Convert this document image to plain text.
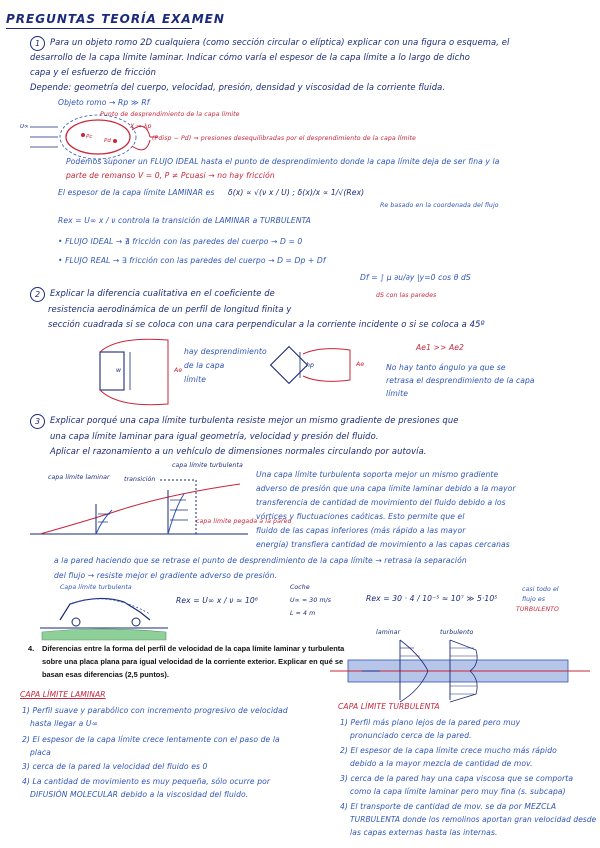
PREGUNTAS TEORÍA EXAMEN
1	Para un objeto romo 2D cualquiera (como sección circular o elíptica) explicar con una figura o esquema, el
desarrollo de la capa límite laminar. Indicar cómo varía el espesor de la capa límite a lo largo de dicho
capa y el esfuerzo de fricción
Depende: geometría del cuerpo, velocidad, presión, densidad y viscosidad de la corriente fluida.
Objeto romo → Rp ≫ Rf
Punto de desprendimiento de la capa límite
X ⇒ λp
(Pdisp − Pd) ⇒ presiones desequilibradas por el desprendimiento de la capa límite
U∞
Pc
Pd
Podemos suponer un FLUJO IDEAL hasta el punto de desprendimiento donde la capa límite deja de ser fina y la
parte de remanso V = 0, P ≠ Pcuasi → no hay fricción
El espesor de la capa límite LAMINAR es δ(x) ∝ √(ν x / U) ; δ(x)/x ∝ 1/√(Rex)
Re basado en la coordenada del flujo
Rex = U∞ x / ν controla la transición de LAMINAR a TURBULENTA
• FLUJO IDEAL → ∄ fricción con las paredes del cuerpo → D = 0
• FLUJO REAL → ∃ fricción con las paredes del cuerpo → D = Dp + Df
Df = ∫ μ ∂u/∂y |y=0 cos θ dS
dS con las paredes
2	Explicar la diferencia cualitativa en el coeficiente de
resistencia aerodinámica de un perfil de longitud finita y
sección cuadrada si se coloca con una cara perpendicular a la corriente incidente o si se coloca a 45º
w
hp
Ae
Ae
hay desprendimiento
de la capa
límite
Ae1 >> Ae2
No hay tanto ángulo ya que se
retrasa el desprendimiento de la capa
límite
3	Explicar porqué una capa límite turbulenta resiste mejor un mismo gradiente de presiones que
una capa límite laminar para igual geometría, velocidad y presión del fluido.
Aplicar el razonamiento a un vehículo de dimensiones normales circulando por autovía.
capa límite laminar transición
capa límite turbulenta
capa límite pegada a la pared
Una capa límite turbulenta soporta mejor un mismo gradiente
adverso de presión que una capa límite laminar debido a la mayor
transferencia de cantidad de movimiento del fluido debido a los
vórtices y fluctuaciones caóticas. Esto permite que el
fluido de las capas inferiores (más rápido a las mayor
energía) transfiera cantidad de movimiento a las capas cercanas
a la pared haciendo que se retrase el punto de desprendimiento de la capa límite → retrasa la separación
del flujo → resiste mejor el gradiente adverso de presión.
Capa límite turbulenta
Rex = U∞ x / ν ≈ 10⁶
Coche
U∞ ≈ 30 m/s
L ≈ 4 m
Rex = 30 · 4 / 10⁻⁵ ≈ 10⁷ ≫ 5·10⁵
casi todo el
flujo es
TURBULENTO
4. Diferencias entre la forma del perfil de velocidad de la capa límite laminar y turbulenta
sobre una placa plana para igual velocidad de la corriente exterior. Explicar en qué se
basan esas diferencias (2,5 puntos).
laminar	turbulento
CAPA LÍMITE LAMINAR
1) Perfil suave y parabólico con incremento progresivo de velocidad
hasta llegar a U∞
2) El espesor de la capa límite crece lentamente con el paso de la
placa
3) cerca de la pared la velocidad del fluido es 0
4) La cantidad de movimiento es muy pequeña, sólo ocurre por
DIFUSIÓN MOLECULAR debido a la viscosidad del fluido.
CAPA LÍMITE TURBULENTA
1) Perfil más plano lejos de la pared pero muy
pronunciado cerca de la pared.
2) El espesor de la capa límite crece mucho más rápido
debido a la mayor mezcla de cantidad de mov.
3) cerca de la pared hay una capa viscosa que se comporta
como la capa límite laminar pero muy fina (s. subcapa)
4) El transporte de cantidad de mov. se da por MEZCLA
TURBULENTA donde los remolinos aportan gran velocidad desde
las capas externas hasta las internas.
